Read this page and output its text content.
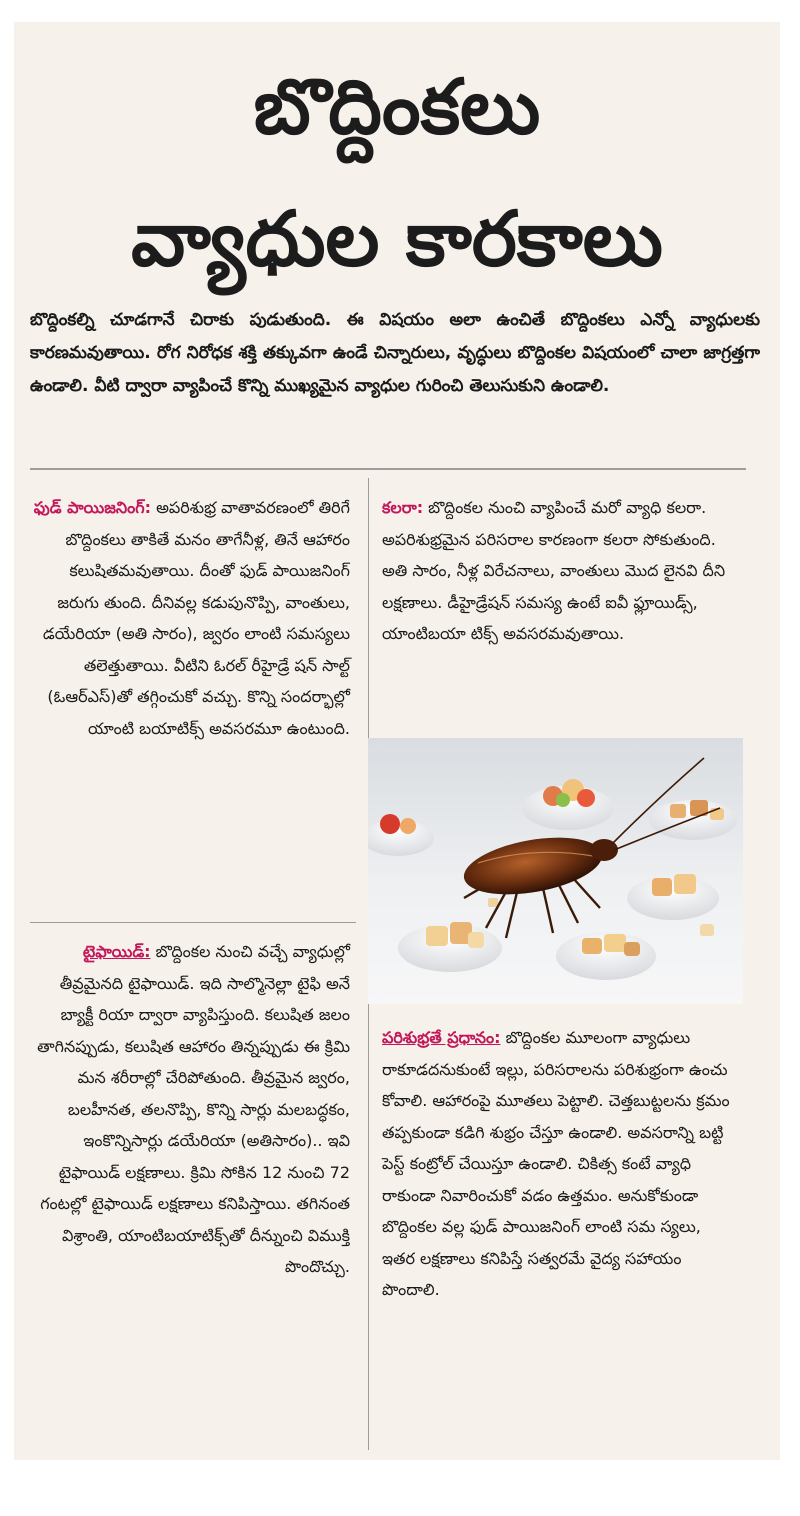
బొద్దింకలు
వ్యాధుల కారకాలు
బొద్దింకల్ని చూడగానే చిరాకు పుడుతుంది. ఈ విషయం అలా ఉంచితే బొద్దింకలు ఎన్నో వ్యాధులకు కారణమవుతాయి. రోగ నిరోధక శక్తి తక్కువగా ఉండే చిన్నారులు, వృద్ధులు బొద్దింకల విషయంలో చాలా జాగ్రత్తగా ఉండాలి. వీటి ద్వారా వ్యాపించే కొన్ని ముఖ్యమైన వ్యాధుల గురించి తెలుసుకుని ఉండాలి.
ఫుడ్ పాయిజనింగ్: అపరిశుభ్ర వాతావరణంలో తిరిగే బొద్దింకలు తాకితే మనం తాగేనీళ్ల, తినే ఆహారం కలుషితమవుతాయి. దీంతో ఫుడ్ పాయిజనింగ్ జరుగు తుంది. దీనివల్ల కడుపునొప్పి, వాంతులు, డయేరియా (అతి సారం), జ్వరం లాంటి సమస్యలు తలెత్తుతాయి. వీటిని ఓరల్ రీహైడ్రే షన్ సాల్ట్ (ఓఆర్ఎస్)తో తగ్గించుకో వచ్చు. కొన్ని సందర్భాల్లో యాంటి బయాటిక్స్ అవసరమూ ఉంటుంది.
టైఫాయిడ్: బొద్దింకల నుంచి వచ్చే వ్యాధుల్లో తీవ్రమైనది టైఫాయిడ్. ఇది సాల్మొనెల్లా టైఫి అనే బ్యాక్టీ రియా ద్వారా వ్యాపిస్తుంది. కలుషిత జలం తాగినప్పుడు, కలుషిత ఆహారం తిన్నప్పుడు ఈ క్రిమి మన శరీరాల్లో చేరిపోతుంది. తీవ్రమైన జ్వరం, బలహీనత, తలనొప్పి, కొన్ని సార్లు మలబద్ధకం, ఇంకొన్నిసార్లు డయేరియా (అతిసారం).. ఇవి టైఫాయిడ్ లక్షణాలు. క్రిమి సోకిన 12 నుంచి 72 గంటల్లో టైఫాయిడ్ లక్షణాలు కనిపిస్తాయి. తగినంత విశ్రాంతి, యాంటిబయాటిక్స్‌తో దీన్నుంచి విముక్తి పొందొచ్చు.
కలరా: బొద్దింకల నుంచి వ్యాపించే మరో వ్యాధి కలరా. అపరిశుభ్రమైన పరిసరాల కారణంగా కలరా సోకుతుంది. అతి సారం, నీళ్ల విరేచనాలు, వాంతులు మొద లైనవి దీని లక్షణాలు. డీహైడ్రేషన్ సమస్య ఉంటే ఐవీ ఫ్లూయిడ్స్, యాంటిబయా టిక్స్ అవసరమవుతాయి.
పరిశుభ్రతే ప్రధానం: బొద్దింకల మూలంగా వ్యాధులు రాకూడదనుకుంటే ఇల్లు, పరిసరాలను పరిశుభ్రంగా ఉంచు కోవాలి. ఆహారంపై మూతలు పెట్టాలి. చెత్తబుట్టలను క్రమం తప్పకుండా కడిగి శుభ్రం చేస్తూ ఉండాలి. అవసరాన్ని బట్టి పెస్ట్ కంట్రోల్ చేయిస్తూ ఉండాలి. చికిత్స కంటే వ్యాధి రాకుండా నివారించుకో వడం ఉత్తమం. అనుకోకుండా బొద్దింకల వల్ల ఫుడ్ పాయిజనింగ్ లాంటి సమ స్యలు, ఇతర లక్షణాలు కనిపిస్తే సత్వరమే వైద్య సహాయం పొందాలి.
